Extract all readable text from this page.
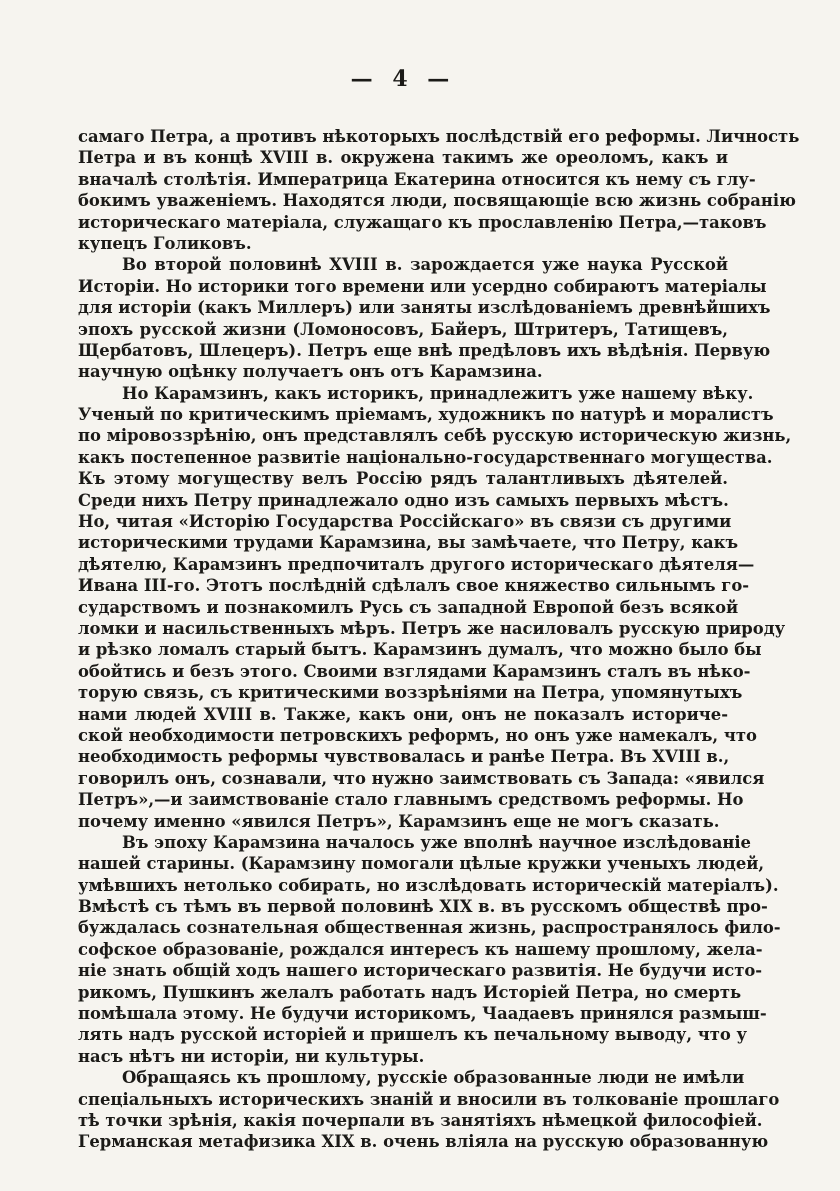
— 4 —
самаго Петра, а противъ нѣкоторыхъ послѣдствій его реформы. Личность
Петра и въ концѣ XVIII в. окружена такимъ же ореоломъ, какъ и
вначалѣ столѣтія. Императрица Екатерина относится къ нему съ глу-
бокимъ уваженіемъ. Находятся люди, посвящающіе всю жизнь собранію
историческаго матеріала, служащаго къ прославленію Петра,—таковъ
купецъ Голиковъ.
Во второй половинѣ XVIII в. зарождается уже наука Русской
Исторіи. Но историки того времени или усердно собираютъ матеріалы
для исторіи (какъ Миллеръ) или заняты изслѣдованіемъ древнѣйшихъ
эпохъ русской жизни (Ломоносовъ, Байеръ, Штритеръ, Татищевъ,
Щербатовъ, Шлецеръ). Петръ еще внѣ предѣловъ ихъ вѣдѣнія. Первую
научную оцѣнку получаетъ онъ отъ Карамзина.
Но Карамзинъ, какъ историкъ, принадлежитъ уже нашему вѣку.
Ученый по критическимъ пріемамъ, художникъ по натурѣ и моралистъ
по міровоззрѣнію, онъ представлялъ себѣ русскую историческую жизнь,
какъ постепенное развитіе національно-государственнаго могущества.
Къ этому могуществу велъ Россію рядъ талантливыхъ дѣятелей.
Среди нихъ Петру принадлежало одно изъ самыхъ первыхъ мѣстъ.
Но, читая «Исторію Государства Россійскаго» въ связи съ другими
историческими трудами Карамзина, вы замѣчаете, что Петру, какъ
дѣятелю, Карамзинъ предпочиталъ другого историческаго дѣятеля—
Ивана III-го. Этотъ послѣдній сдѣлалъ свое княжество сильнымъ го-
сударствомъ и познакомилъ Русь съ западной Европой безъ всякой
ломки и насильственныхъ мѣръ. Петръ же насиловалъ русскую природу
и рѣзко ломалъ старый бытъ. Карамзинъ думалъ, что можно было бы
обойтись и безъ этого. Своими взглядами Карамзинъ сталъ въ нѣко-
торую связь, съ критическими воззрѣніями на Петра, упомянутыхъ
нами людей XVIII в. Также, какъ они, онъ не показалъ историче-
ской необходимости петровскихъ реформъ, но онъ уже намекалъ, что
необходимость реформы чувствовалась и ранѣе Петра. Въ XVIII в.,
говорилъ онъ, сознавали, что нужно заимствовать съ Запада: «явился
Петръ»,—и заимствованіе стало главнымъ средствомъ реформы. Но
почему именно «явился Петръ», Карамзинъ еще не могъ сказать.
Въ эпоху Карамзина началось уже вполнѣ научное изслѣдованіе
нашей старины. (Карамзину помогали цѣлые кружки ученыхъ людей,
умѣвшихъ нетолько собирать, но изслѣдовать историческій матеріалъ).
Вмѣстѣ съ тѣмъ въ первой половинѣ XIX в. въ русскомъ обществѣ про-
буждалась сознательная общественная жизнь, распространялось фило-
софское образованіе, рождался интересъ къ нашему прошлому, жела-
ніе знать общій ходъ нашего историческаго развитія. Не будучи исто-
рикомъ, Пушкинъ желалъ работать надъ Исторіей Петра, но смерть
помѣшала этому. Не будучи историкомъ, Чаадаевъ принялся размыш-
лять надъ русской исторіей и пришелъ къ печальному выводу, что у
насъ нѣтъ ни исторіи, ни культуры.
Обращаясь къ прошлому, русскіе образованные люди не имѣли
спеціальныхъ историческихъ знаній и вносили въ толкованіе прошлаго
тѣ точки зрѣнія, какія почерпали въ занятіяхъ нѣмецкой философіей.
Германская метафизика XIX в. очень вліяла на русскую образованную
